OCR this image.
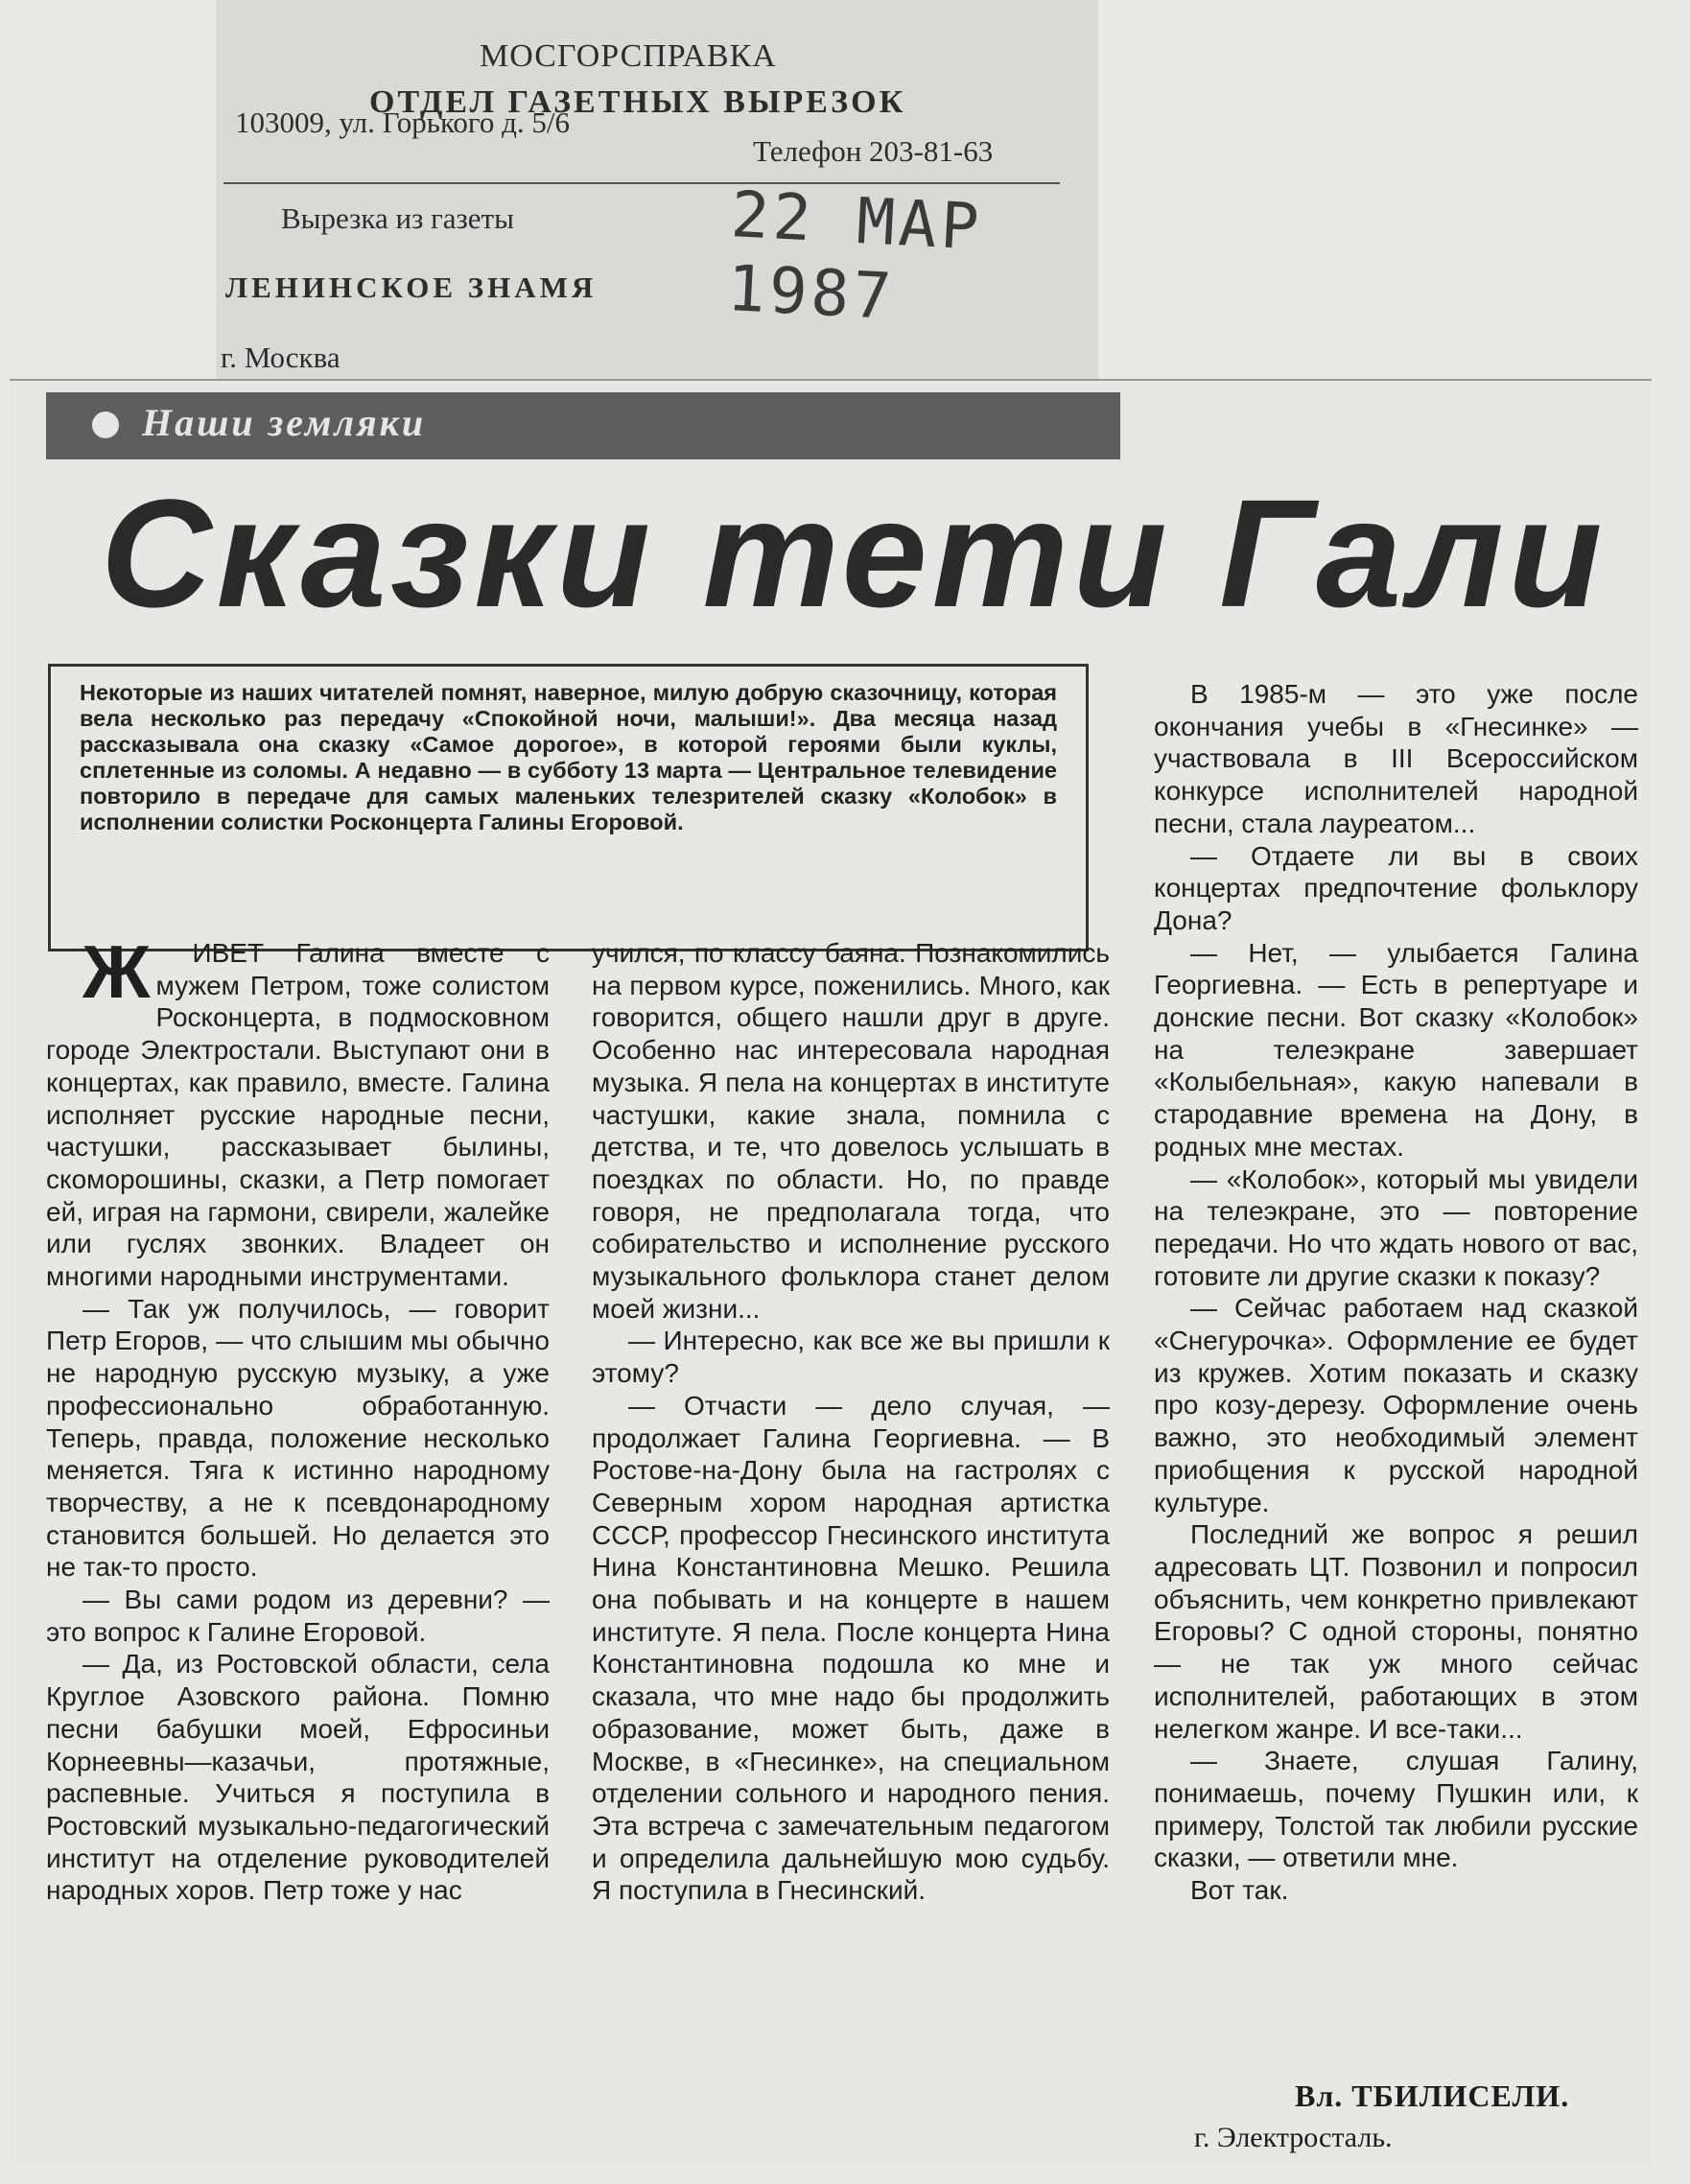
МОСГОРСПРАВКА
ОТДЕЛ ГАЗЕТНЫХ ВЫРЕЗОК
103009, ул. Горького д. 5/6
Телефон 203-81-63
Вырезка из газеты	22 МАР 1987
ЛЕНИНСКОЕ ЗНАМЯ
г. Москва
Наши земляки
Сказки тети Гали
Некоторые из наших читателей помнят, наверное, милую добрую сказочницу, которая вела несколько раз передачу «Спокойной ночи, малыши!». Два месяца назад рассказывала она сказку «Самое дорогое», в которой героями были куклы, сплетенные из соломы. А недавно — в субботу 13 марта — Центральное телевидение повторило в передаче для самых маленьких телезрителей сказку «Колобок» в исполнении солистки Росконцерта Галины Егоровой.

Ж ИВЕТ Галина вместе с мужем Петром, тоже солистом Росконцерта, в подмосковном городе Электростали. Выступают они в концертах, как правило, вместе. Галина исполняет русские народные песни, частушки, рассказывает былины, скоморошины, сказки, а Петр помогает ей, играя на гармони, свирели, жалейке или гуслях звонких. Владеет он многими народными инструментами.

— Так уж получилось, — говорит Петр Егоров, — что слышим мы обычно не народную русскую музыку, а уже профессионально обработанную. Теперь, правда, положение несколько меняется. Тяга к истинно народному творчеству, а не к псевдонародному становится большей. Но делается это не так-то просто.

— Вы сами родом из деревни? — это вопрос к Галине Егоровой.

— Да, из Ростовской области, села Круглое Азовского района. Помню песни бабушки моей, Ефросиньи Корнеевны—казачьи, протяжные, распевные. Учиться я поступила в Ростовский музыкально-педагогический институт на отделение руководителей народных хоров. Петр тоже у нас

учился, по классу баяна. Познакомились на первом курсе, поженились. Много, как говорится, общего нашли друг в друге. Особенно нас интересовала народная музыка. Я пела на концертах в институте частушки, какие знала, помнила с детства, и те, что довелось услышать в поездках по области. Но, по правде говоря, не предполагала тогда, что собирательство и исполнение русского музыкального фольклора станет делом моей жизни...

— Интересно, как все же вы пришли к этому?

— Отчасти — дело случая, — продолжает Галина Георгиевна. — В Ростове-на-Дону была на гастролях с Северным хором народная артистка СССР, профессор Гнесинского института Нина Константиновна Мешко. Решила она побывать и на концерте в нашем институте. Я пела. После концерта Нина Константиновна подошла ко мне и сказала, что мне надо бы продолжить образование, может быть, даже в Москве, в «Гнесинке», на специальном отделении сольного и народного пения. Эта встреча с замечательным педагогом и определила дальнейшую мою судьбу. Я поступила в Гнесинский.

В 1985-м — это уже после окончания учебы в «Гнесинке» — участвовала в III Всероссийском конкурсе исполнителей народной песни, стала лауреатом...

— Отдаете ли вы в своих концертах предпочтение фольклору Дона?

— Нет, — улыбается Галина Георгиевна. — Есть в репертуаре и донские песни. Вот сказку «Колобок» на телеэкране завершает «Колыбельная», какую напевали в стародавние времена на Дону, в родных мне местах.

— «Колобок», который мы увидели на телеэкране, это — повторение передачи. Но что ждать нового от вас, готовите ли другие сказки к показу?

— Сейчас работаем над сказкой «Снегурочка». Оформление ее будет из кружев. Хотим показать и сказку про козу-дерезу. Оформление очень важно, это необходимый элемент приобщения к русской народной культуре.

Последний же вопрос я решил адресовать ЦТ. Позвонил и попросил объяснить, чем конкретно привлекают Егоровы? С одной стороны, понятно — не так уж много сейчас исполнителей, работающих в этом нелегком жанре. И все-таки...

— Знаете, слушая Галину, понимаешь, почему Пушкин или, к примеру, Толстой так любили русские сказки, — ответили мне.

Вот так.

Вл. ТБИЛИСЕЛИ.
г. Электросталь.
